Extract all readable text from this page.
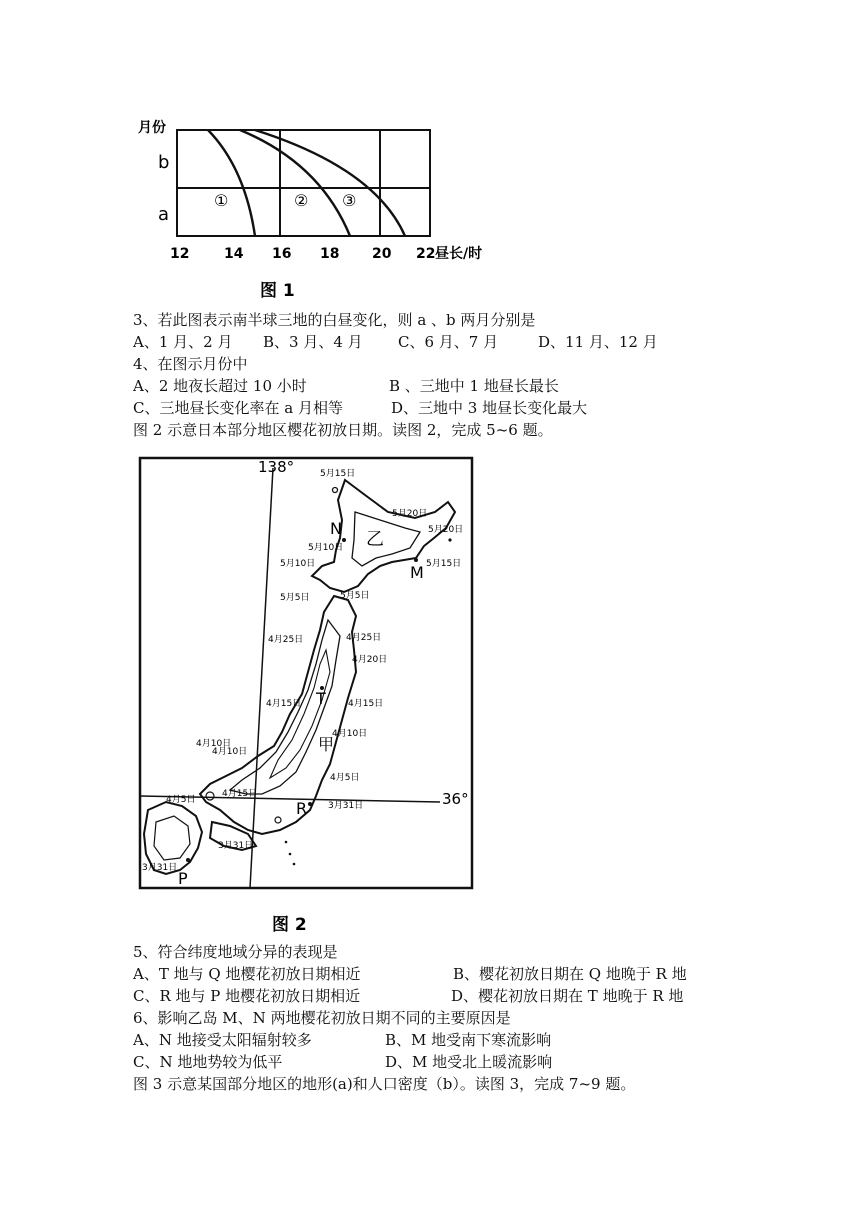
月份
b
a
①	② ③
12 14 16 18 20 22 昼长/时
图 1
3、若此图表示南半球三地的白昼变化，则 a 、b 两月分别是
A、1 月、2 月 B、3 月、4 月 C、6 月、7 月	D、11 月、12 月
4、在图示月份中
A、2 地夜长超过 10 小时	B 、三地中 1 地昼长最长
C、三地昼长变化率在 a 月相等	D、三地中 3 地昼长变化最大
图 2 示意日本部分地区樱花初放日期。读图 2，完成 5~6 题。
138°
36°
N
乙
M
T
甲
R
P
5月15日
5月20日
5月20日
5月10日
5月10日	5月15日
5月5日	5月5日
4月25日	4月25日
4月20日
4月15日	4月15日
4月10日
4月10日
4月10日
4月15日
4月5日
4月5日
3月31日
3月31日
3月31日
图 2
5、符合纬度地域分异的表现是
A、T 地与 Q 地樱花初放日期相近	B、樱花初放日期在 Q 地晚于 R 地
C、R 地与 P 地樱花初放日期相近	D、樱花初放日期在 T 地晚于 R 地
6、影响乙岛 M、N 两地樱花初放日期不同的主要原因是
A、N 地接受太阳辐射较多	B、M 地受南下寒流影响
C、N 地地势较为低平	D、M 地受北上暖流影响
图 3 示意某国部分地区的地形(a)和人口密度（b）。读图 3，完成 7~9 题。
